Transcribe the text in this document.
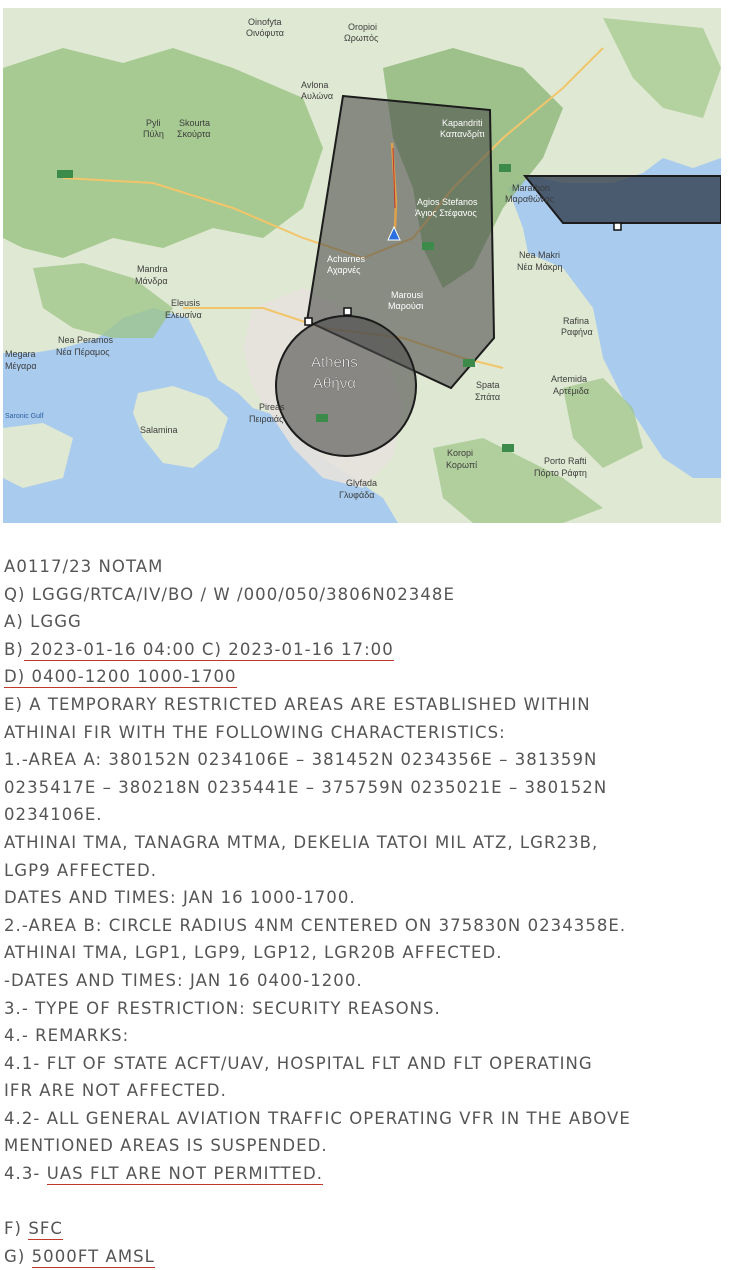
Oinofyta
Οινόφυτα
Oropioi
Ωρωπός
Pyli
Πύλη
Skourta
Σκούρτα
Avlona
Αυλώνα
Kapandriti
Καπανδρίτι
Marathon
Μαραθώνας
Agios Stefanos
Άγιος Στέφανος
Acharnes
Αχαρνές
Mandra
Μάνδρα
Eleusis
Ελευσίνα
Nea Makri
Νέα Μάκρη
Marousi
Μαρούσι
Rafina
Ραφήνα
Nea Peramos
Νέα Πέραμος
Megara
Μέγαρα	Athens
Αθήνα	Spata
Σπάτα
Artemida
Αρτέμιδα
Pireas
Πειραιάς
Saronic Gulf
Salamina
Koropi
Κορωπί	Porto Rafti
Πόρτο Ράφτη
Glyfada
Γλυφάδα
A0117/23 NOTAM
Q) LGGG/RTCA/IV/BO / W /000/050/3806N02348E
A) LGGG
B) 2023-01-16 04:00 C) 2023-01-16 17:00
D) 0400-1200 1000-1700
E) A TEMPORARY RESTRICTED AREAS ARE ESTABLISHED WITHIN
ATHINAI FIR WITH THE FOLLOWING CHARACTERISTICS:
1.-AREA A: 380152N 0234106E – 381452N 0234356E – 381359N
0235417E – 380218N 0235441E – 375759N 0235021E – 380152N
0234106E.
ATHINAI TMA, TANAGRA MTMA, DEKELIA TATOI MIL ATZ, LGR23B,
LGP9 AFFECTED.
DATES AND TIMES: JAN 16 1000-1700.
2.-AREA B: CIRCLE RADIUS 4NM CENTERED ON 375830N 0234358E.
ATHINAI TMA, LGP1, LGP9, LGP12, LGR20B AFFECTED.
-DATES AND TIMES: JAN 16 0400-1200.
3.- TYPE OF RESTRICTION: SECURITY REASONS.
4.- REMARKS:
4.1- FLT OF STATE ACFT/UAV, HOSPITAL FLT AND FLT OPERATING
IFR ARE NOT AFFECTED.
4.2- ALL GENERAL AVIATION TRAFFIC OPERATING VFR IN THE ABOVE
MENTIONED AREAS IS SUSPENDED.
4.3- UAS FLT ARE NOT PERMITTED.
F) SFC
G) 5000FT AMSL
